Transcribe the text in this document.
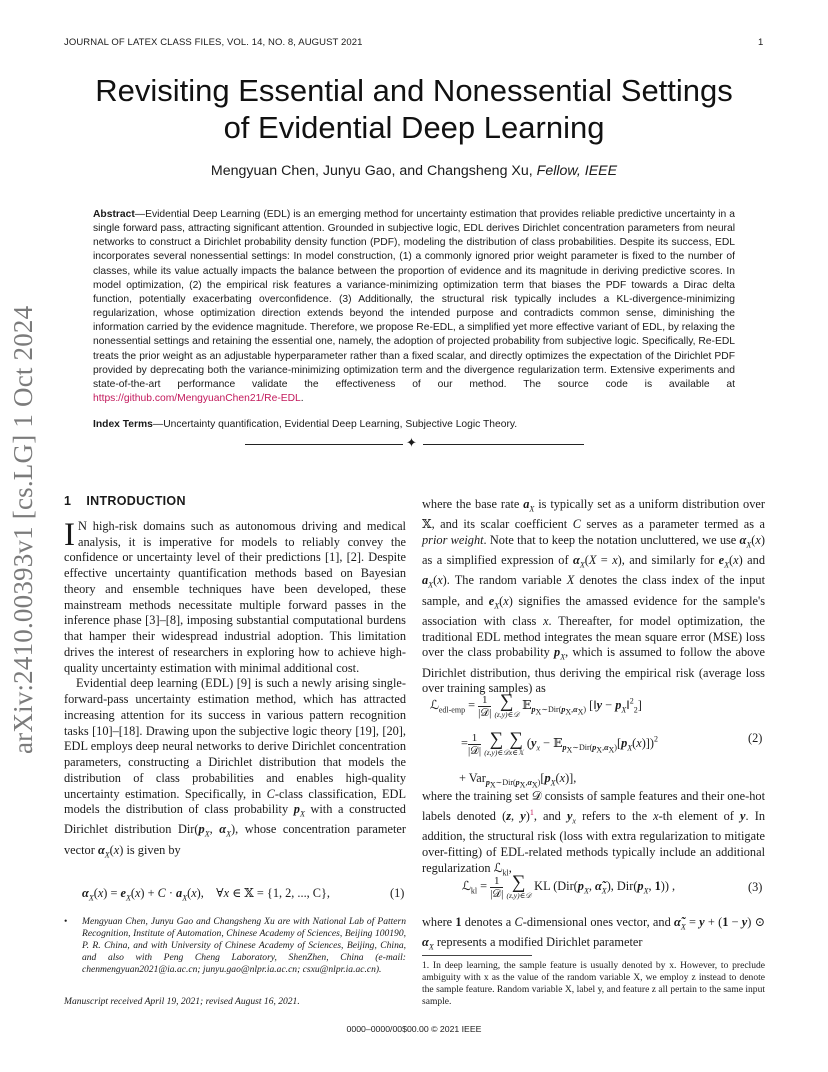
JOURNAL OF LATEX CLASS FILES, VOL. 14, NO. 8, AUGUST 2021	1
arXiv:2410.00393v1 [cs.LG] 1 Oct 2024
Revisiting Essential and Nonessential Settings
of Evidential Deep Learning
Mengyuan Chen, Junyu Gao, and Changsheng Xu, Fellow, IEEE
Abstract—Evidential Deep Learning (EDL) is an emerging method for uncertainty estimation that provides reliable predictive uncertainty in a single forward pass, attracting significant attention. Grounded in subjective logic, EDL derives Dirichlet concentration parameters from neural networks to construct a Dirichlet probability density function (PDF), modeling the distribution of class probabilities. Despite its success, EDL incorporates several nonessential settings: In model construction, (1) a commonly ignored prior weight parameter is fixed to the number of classes, while its value actually impacts the balance between the proportion of evidence and its magnitude in deriving predictive scores. In model optimization, (2) the empirical risk features a variance-minimizing optimization term that biases the PDF towards a Dirac delta function, potentially exacerbating overconfidence. (3) Additionally, the structural risk typically includes a KL-divergence-minimizing regularization, whose optimization direction extends beyond the intended purpose and contradicts common sense, diminishing the information carried by the evidence magnitude. Therefore, we propose Re-EDL, a simplified yet more effective variant of EDL, by relaxing the nonessential settings and retaining the essential one, namely, the adoption of projected probability from subjective logic. Specifically, Re-EDL treats the prior weight as an adjustable hyperparameter rather than a fixed scalar, and directly optimizes the expectation of the Dirichlet PDF provided by deprecating both the variance-minimizing optimization term and the divergence regularization term. Extensive experiments and state-of-the-art performance validate the effectiveness of our method. The source code is available at https://github.com/MengyuanChen21/Re-EDL.
Index Terms—Uncertainty quantification, Evidential Deep Learning, Subjective Logic Theory.
✦
1 INTRODUCTION

I N high-risk domains such as autonomous driving and medical analysis, it is imperative for models to reliably convey the confidence or uncertainty level of their predictions [1], [2]. Despite effective uncertainty quantification methods based on Bayesian theory and ensemble techniques have been developed, these mainstream methods necessitate multiple forward passes in the inference phase [3]–[8], imposing substantial computational burdens that hamper their widespread industrial adoption. This limitation drives the interest of researchers in exploring how to achieve high-quality uncertainty estimation with minimal additional cost.

Evidential deep learning (EDL) [9] is such a newly arising single-forward-pass uncertainty estimation method, which has attracted increasing attention for its success in various pattern recognition tasks [10]–[18]. Drawing upon the subjective logic theory [19], [20], EDL employs deep neural networks to derive Dirichlet concentration parameters, constructing a Dirichlet distribution that models the distribution of class probabilities and enables high-quality uncertainty estimation. Specifically, in C-class classification, EDL models the distribution of class probability $p_X$ with a constructed Dirichlet distribution $Dir(p_X$, $\alpha_X$), whose concentration parameter vector $\alpha_X(x)$ is given by

$\alpha_X(x) = e_X(x) + C \cdot a_X(x)$,    ∀x ∈ 𝕏 = {1, 2, ..., C},	(1)
•	Mengyuan Chen, Junyu Gao and Changsheng Xu are with National Lab of Pattern Recognition, Institute of Automation, Chinese Academy of Sciences, Beijing 100190, P. R. China, and with University of Chinese Academy of Sciences, Beijing, China, and also with Peng Cheng Laboratory, ShenZhen, China (e-mail: chenmengyuan2021@ia.ac.cn; junyu.gao@nlpr.ia.ac.cn; csxu@nlpr.ia.ac.cn).
Manuscript received April 19, 2021; revised August 16, 2021.

where the base rate $a_X$ is typically set as a uniform distribution over 𝕏, and its scalar coefficient C serves as a parameter termed as a prior weight. Note that to keep the notation uncluttered, we use $\alpha_X(x)$ as a simplified expression of $\alpha_X(X = x)$, and similarly for $e_X(x)$ and $a_X(x)$. The random variable X denotes the class index of the input sample, and $e_X(x)$ signifies the amassed evidence for the sample's association with class x. Thereafter, for model optimization, the traditional EDL method integrates the mean square error (MSE) loss over the class probability $p_X$, which is assumed to follow the above Dirichlet distribution, thus deriving the empirical risk (average loss over training samples) as

ℒ$_{edl-emp}$ = $\frac{1}{\text{|𝒟|}}$
∑
(z,y)∈𝒟
𝔼$_{p_X\sim Dir(p_X,\alpha_X)}$ [‖y − $p_X‖^2_2$]
= $\frac{1}{\text{|𝒟|}}$
∑
(z,y)∈𝒟
∑
x∈𝕏
($y_x$ − $𝔼_{p_X\sim Dir(p_X,\alpha_X)}[p_X(x)])^2$
+ $Var_{p_X\sim Dir(p_X,\alpha_X)}[p_X(x)]$,
(2)

where the training set 𝒟 consists of sample features and their one-hot labels denoted (z, y)$^1$, and $y_x$ refers to the x-th element of y. In addition, the structural risk (loss with extra regularization to mitigate over-fitting) of EDL-related methods typically include an additional regularization ℒ$_{kl}$,

ℒ$_{kl}$ = $\frac{1}{\text{|𝒟|}}$
∑
(z,y)∈𝒟
KL ($Dir(p_X$, $\alphã_X$), $Dir(p_X$, 1)) ,	(3)

where 1 denotes a C-dimensional ones vector, and $\alphã_X = y + (1 - y)$ ⊙ $\alpha_X$ represents a modified Dirichlet parameter

1. In deep learning, the sample feature is usually denoted by x. However, to preclude ambiguity with x as the value of the random variable X, we employ z instead to denote the sample feature. Random variable X, label y, and feature z all pertain to the same input sample.
0000–0000/00$00.00 © 2021 IEEE
